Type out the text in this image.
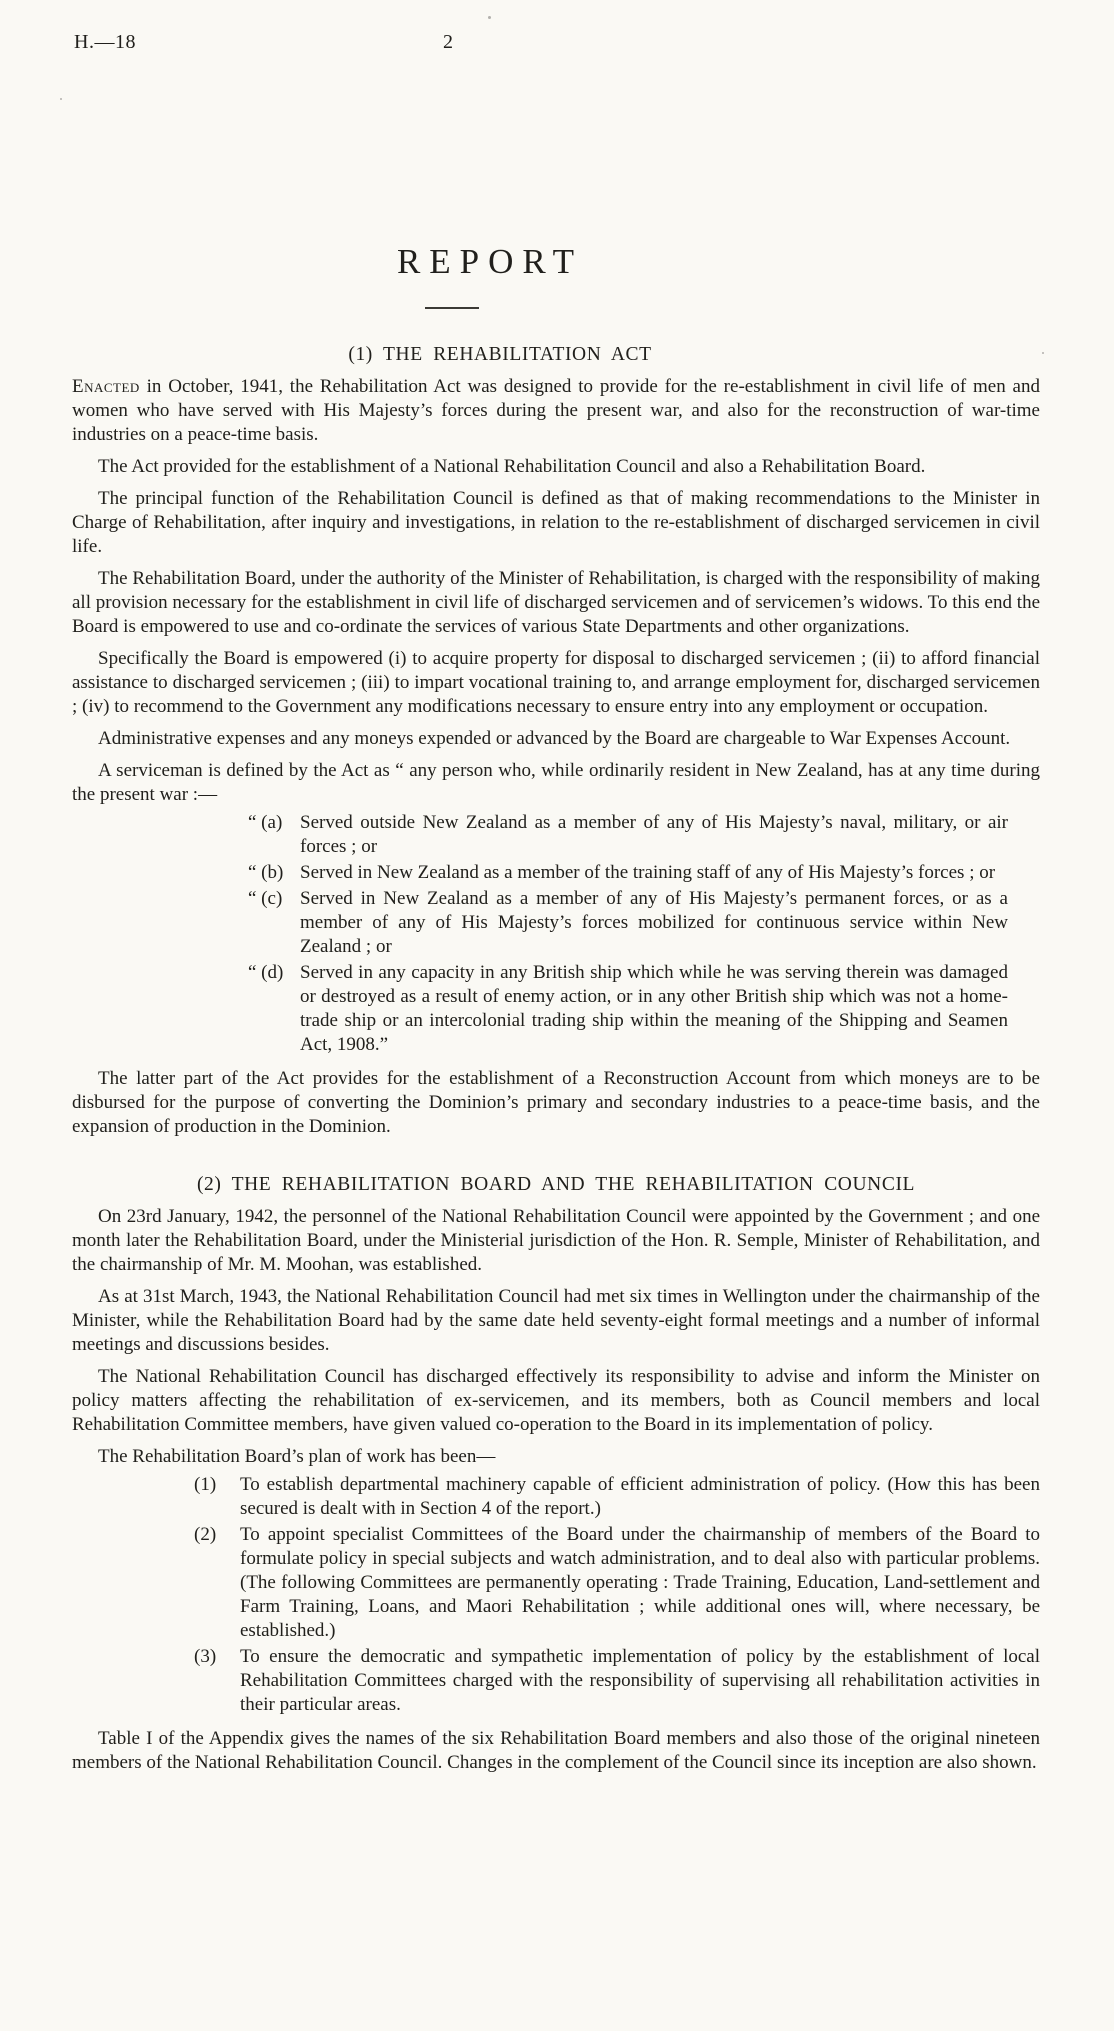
H.—18	2
REPORT
(1) THE REHABILITATION ACT

Enacted in October, 1941, the Rehabilitation Act was designed to provide for the re-establishment in civil life of men and women who have served with His Majesty’s forces during the present war, and also for the reconstruction of war-time industries on a peace-time basis.

The Act provided for the establishment of a National Rehabilitation Council and also a Rehabilitation Board.

The principal function of the Rehabilitation Council is defined as that of making recommendations to the Minister in Charge of Rehabilitation, after inquiry and investigations, in relation to the re-establishment of discharged servicemen in civil life.

The Rehabilitation Board, under the authority of the Minister of Rehabilitation, is charged with the responsibility of making all provision necessary for the establishment in civil life of discharged servicemen and of servicemen’s widows. To this end the Board is empowered to use and co-ordinate the services of various State Departments and other organizations.

Specifically the Board is empowered (i) to acquire property for disposal to discharged servicemen ; (ii) to afford financial assistance to discharged servicemen ; (iii) to impart vocational training to, and arrange employment for, discharged servicemen ; (iv) to recommend to the Government any modifications necessary to ensure entry into any employment or occupation.

Administrative expenses and any moneys expended or advanced by the Board are chargeable to War Expenses Account.

A serviceman is defined by the Act as “ any person who, while ordinarily resident in New Zealand, has at any time during the present war :—

“ (a) Served outside New Zealand as a member of any of His Majesty’s naval, military, or air forces ; or
“ (b) Served in New Zealand as a member of the training staff of any of His Majesty’s forces ; or
“ (c) Served in New Zealand as a member of any of His Majesty’s permanent forces, or as a member of any of His Majesty’s forces mobilized for continuous service within New Zealand ; or
“ (d) Served in any capacity in any British ship which while he was serving therein was damaged or destroyed as a result of enemy action, or in any other British ship which was not a home-trade ship or an intercolonial trading ship within the meaning of the Shipping and Seamen Act, 1908.”

The latter part of the Act provides for the establishment of a Reconstruction Account from which moneys are to be disbursed for the purpose of converting the Dominion’s primary and secondary industries to a peace-time basis, and the expansion of production in the Dominion.

(2) THE REHABILITATION BOARD AND THE REHABILITATION COUNCIL

On 23rd January, 1942, the personnel of the National Rehabilitation Council were appointed by the Government ; and one month later the Rehabilitation Board, under the Ministerial jurisdiction of the Hon. R. Semple, Minister of Rehabilitation, and the chairmanship of Mr. M. Moohan, was established.

As at 31st March, 1943, the National Rehabilitation Council had met six times in Wellington under the chairmanship of the Minister, while the Rehabilitation Board had by the same date held seventy-eight formal meetings and a number of informal meetings and discussions besides.

The National Rehabilitation Council has discharged effectively its responsibility to advise and inform the Minister on policy matters affecting the rehabilitation of ex-servicemen, and its members, both as Council members and local Rehabilitation Committee members, have given valued co-operation to the Board in its implementation of policy.

The Rehabilitation Board’s plan of work has been—

(1)	To establish departmental machinery capable of efficient administration of policy. (How this has been secured is dealt with in Section 4 of the report.)
(2)	To appoint specialist Committees of the Board under the chairmanship of members of the Board to formulate policy in special subjects and watch administration, and to deal also with particular problems. (The following Committees are permanently operating : Trade Training, Education, Land-settlement and Farm Training, Loans, and Maori Rehabilitation ; while additional ones will, where necessary, be established.)
(3)	To ensure the democratic and sympathetic implementation of policy by the establishment of local Rehabilitation Committees charged with the responsibility of supervising all rehabilitation activities in their particular areas.

Table I of the Appendix gives the names of the six Rehabilitation Board members and also those of the original nineteen members of the National Rehabilitation Council. Changes in the complement of the Council since its inception are also shown.
